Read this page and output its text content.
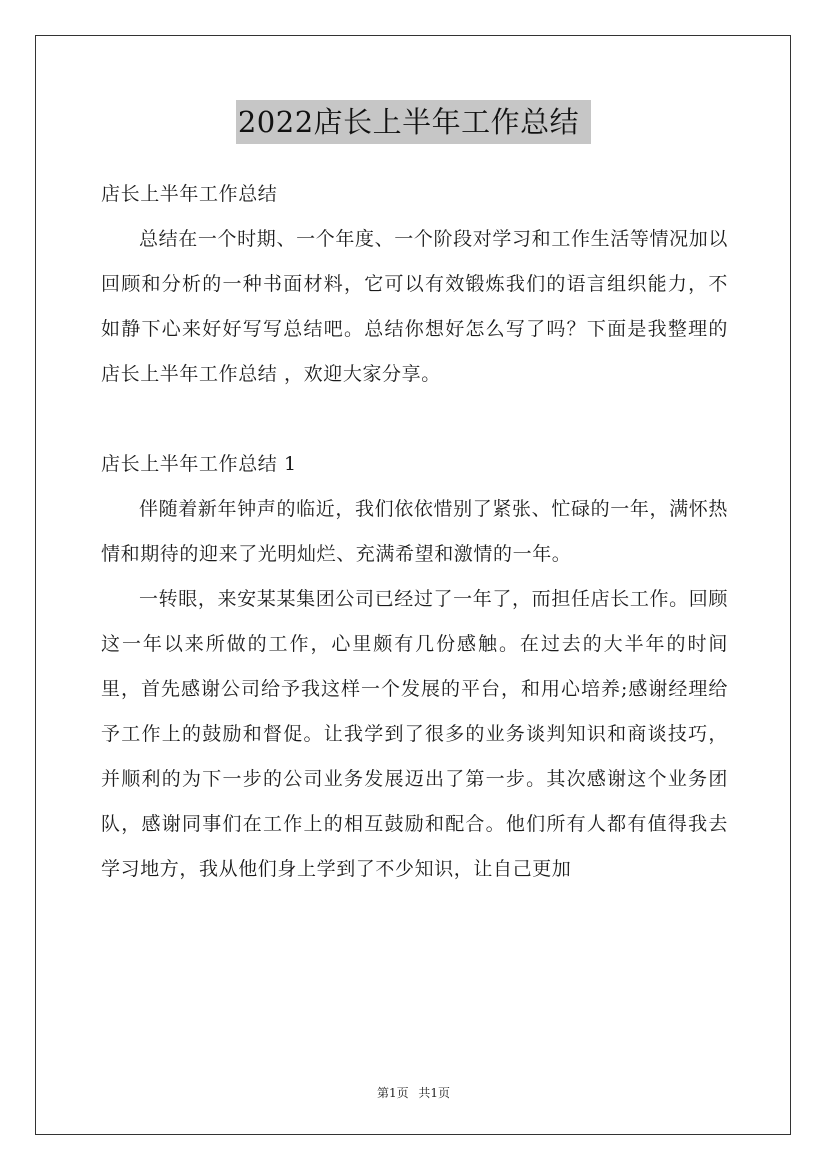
2022店长上半年工作总结

店长上半年工作总结

总结在一个时期、一个年度、一个阶段对学习和工作生活等情况加以回顾和分析的一种书面材料，它可以有效锻炼我们的语言组织能力，不如静下心来好好写写总结吧。总结你想好怎么写了吗？下面是我整理的店长上半年工作总结 ，欢迎大家分享。

店长上半年工作总结 1

伴随着新年钟声的临近，我们依依惜别了紧张、忙碌的一年，满怀热情和期待的迎来了光明灿烂、充满希望和激情的一年。

一转眼，来安某某集团公司已经过了一年了，而担任店长工作。回顾这一年以来所做的工作，心里颇有几份感触。在过去的大半年的时间里，首先感谢公司给予我这样一个发展的平台，和用心培养;感谢经理给予工作上的鼓励和督促。让我学到了很多的业务谈判知识和商谈技巧，并顺利的为下一步的公司业务发展迈出了第一步。其次感谢这个业务团队，感谢同事们在工作上的相互鼓励和配合。他们所有人都有值得我去学习地方，我从他们身上学到了不少知识，让自己更加

第1页 共1页
